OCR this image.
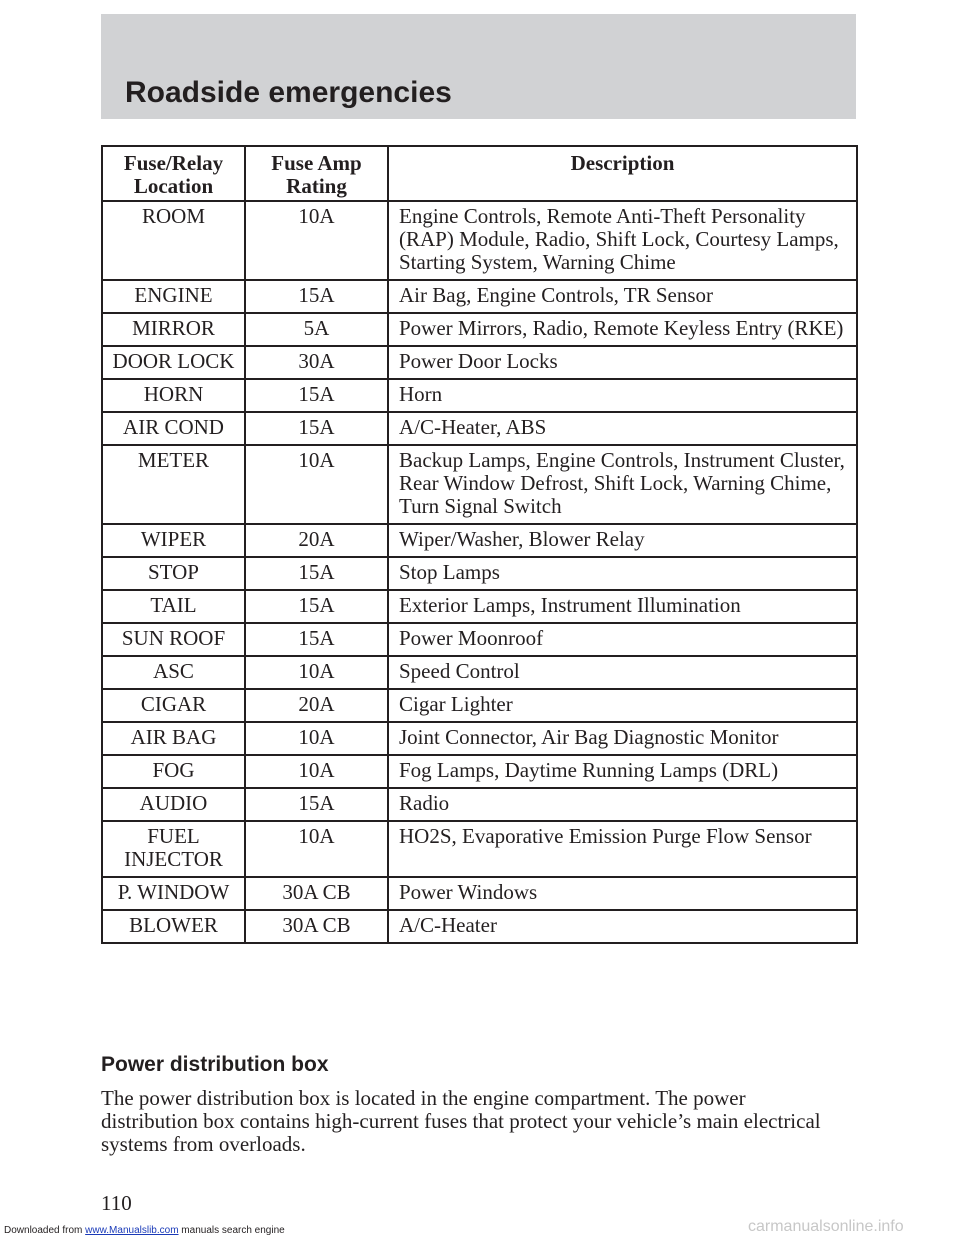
Roadside emergencies
Fuse/Relay Location	Fuse Amp Rating	Description
ROOM	10A	Engine Controls, Remote Anti-Theft Personality (RAP) Module, Radio, Shift Lock, Courtesy Lamps, Starting System, Warning Chime
ENGINE	15A	Air Bag, Engine Controls, TR Sensor
MIRROR	5A	Power Mirrors, Radio, Remote Keyless Entry (RKE)
DOOR LOCK	30A	Power Door Locks
HORN	15A	Horn
AIR COND	15A	A/C-Heater, ABS
METER	10A	Backup Lamps, Engine Controls, Instrument Cluster, Rear Window Defrost, Shift Lock, Warning Chime, Turn Signal Switch
WIPER	20A	Wiper/Washer, Blower Relay
STOP	15A	Stop Lamps
TAIL	15A	Exterior Lamps, Instrument Illumination
SUN ROOF	15A	Power Moonroof
ASC	10A	Speed Control
CIGAR	20A	Cigar Lighter
AIR BAG	10A	Joint Connector, Air Bag Diagnostic Monitor
FOG	10A	Fog Lamps, Daytime Running Lamps (DRL)
AUDIO	15A	Radio
FUEL INJECTOR	10A	HO2S, Evaporative Emission Purge Flow Sensor
P. WINDOW	30A CB	Power Windows
BLOWER	30A CB	A/C-Heater
Power distribution box
The power distribution box is located in the engine compartment. The power distribution box contains high-current fuses that protect your vehicle’s main electrical systems from overloads.
110
Downloaded from www.Manualslib.com manuals search engine	carmanualsonline.info
